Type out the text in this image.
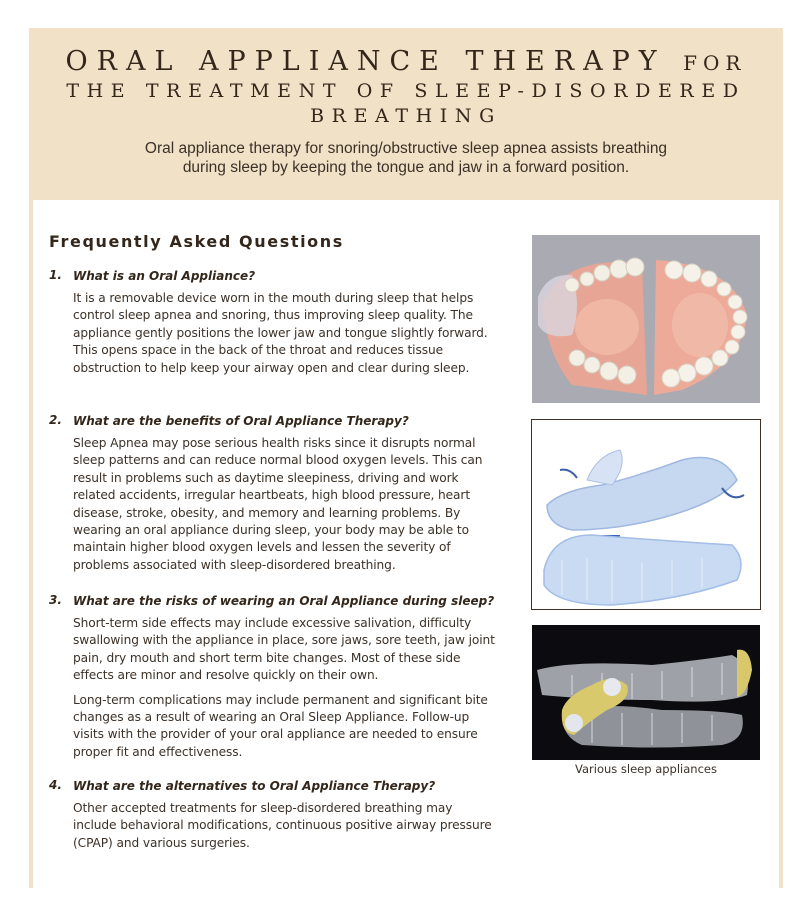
ORAL APPLIANCE THERAPY FOR
THE TREATMENT OF SLEEP-DISORDERED
BREATHING
Oral appliance therapy for snoring/obstructive sleep apnea assists breathing during sleep by keeping the tongue and jaw in a forward position.
Frequently Asked Questions
1. What is an Oral Appliance?
It is a removable device worn in the mouth during sleep that helps control sleep apnea and snoring, thus improving sleep quality. The appliance gently positions the lower jaw and tongue slightly forward. This opens space in the back of the throat and reduces tissue obstruction to help keep your airway open and clear during sleep.
2. What are the benefits of Oral Appliance Therapy?
Sleep Apnea may pose serious health risks since it disrupts normal sleep patterns and can reduce normal blood oxygen levels. This can result in problems such as daytime sleepiness, driving and work related accidents, irregular heartbeats, high blood pressure, heart disease, stroke, obesity, and memory and learning problems. By wearing an oral appliance during sleep, your body may be able to maintain higher blood oxygen levels and lessen the severity of problems associated with sleep-disordered breathing.
3. What are the risks of wearing an Oral Appliance during sleep?
Short-term side effects may include excessive salivation, difficulty swallowing with the appliance in place, sore jaws, sore teeth, jaw joint pain, dry mouth and short term bite changes. Most of these side effects are minor and resolve quickly on their own.
Long-term complications may include permanent and significant bite changes as a result of wearing an Oral Sleep Appliance. Follow-up visits with the provider of your oral appliance are needed to ensure proper fit and effectiveness.
4. What are the alternatives to Oral Appliance Therapy?
Other accepted treatments for sleep-disordered breathing may include behavioral modifications, continuous positive airway pressure (CPAP) and various surgeries.
Various sleep appliances
